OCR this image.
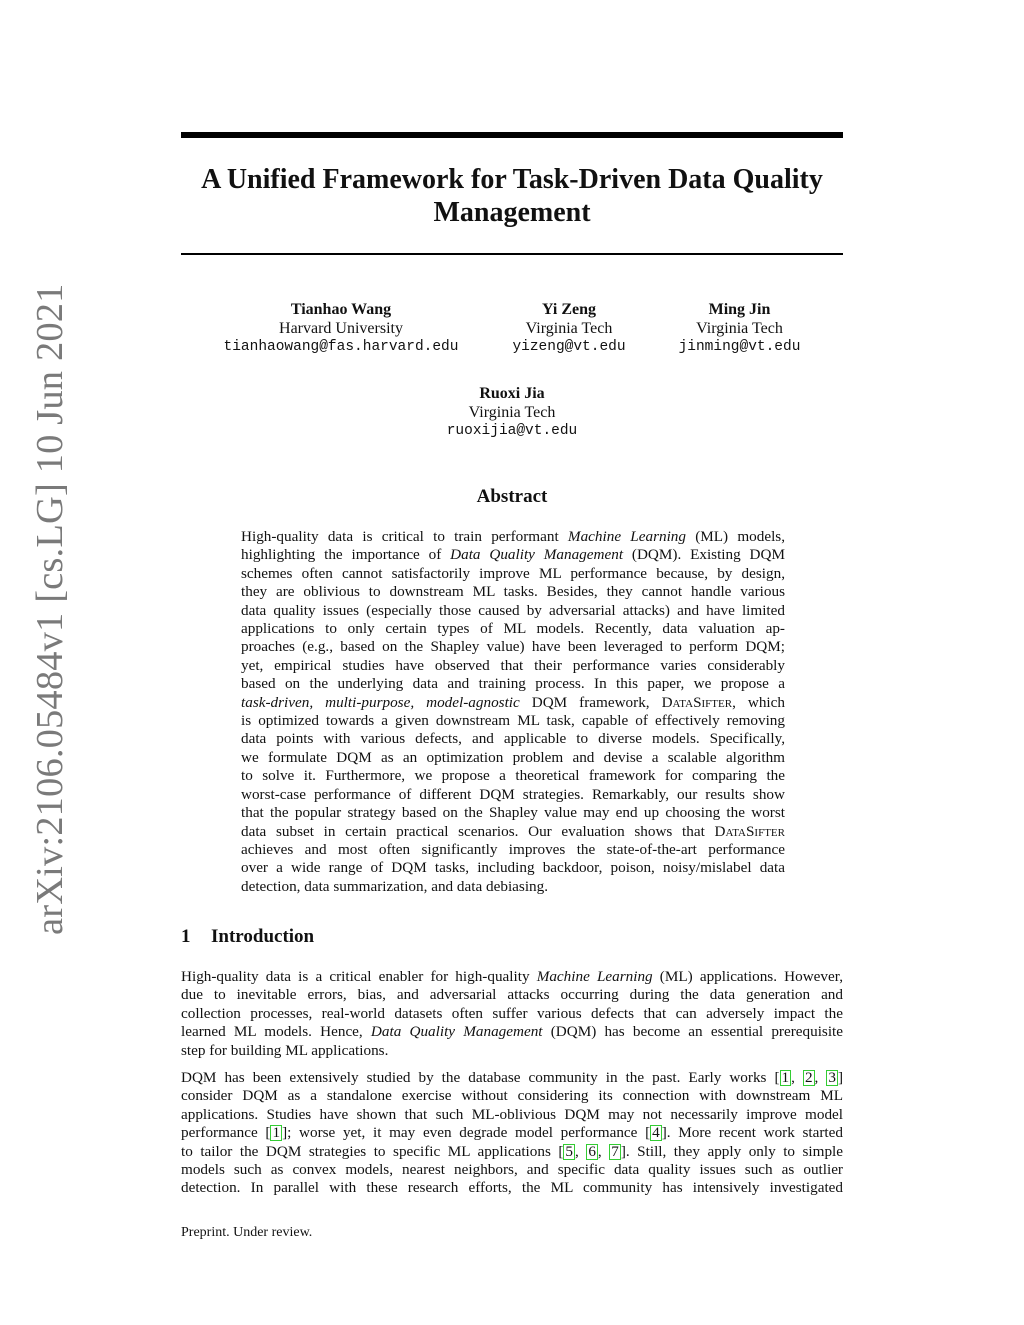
arXiv:2106.05484v1 [cs.LG] 10 Jun 2021
A Unified Framework for Task-Driven Data Quality Management
Tianhao Wang
Harvard University
tianhaowang@fas.harvard.edu
Yi Zeng
Virginia Tech
yizeng@vt.edu
Ming Jin
Virginia Tech
jinming@vt.edu
Ruoxi Jia
Virginia Tech
ruoxijia@vt.edu
Abstract
High-quality data is critical to train performant Machine Learning (ML) models,
highlighting the importance of Data Quality Management (DQM). Existing DQM
schemes often cannot satisfactorily improve ML performance because, by design,
they are oblivious to downstream ML tasks. Besides, they cannot handle various
data quality issues (especially those caused by adversarial attacks) and have limited
applications to only certain types of ML models. Recently, data valuation ap-
proaches (e.g., based on the Shapley value) have been leveraged to perform DQM;
yet, empirical studies have observed that their performance varies considerably
based on the underlying data and training process. In this paper, we propose a
task-driven, multi-purpose, model-agnostic DQM framework, DataSifter, which
is optimized towards a given downstream ML task, capable of effectively removing
data points with various defects, and applicable to diverse models. Specifically,
we formulate DQM as an optimization problem and devise a scalable algorithm
to solve it. Furthermore, we propose a theoretical framework for comparing the
worst-case performance of different DQM strategies. Remarkably, our results show
that the popular strategy based on the Shapley value may end up choosing the worst
data subset in certain practical scenarios. Our evaluation shows that DataSifter
achieves and most often significantly improves the state-of-the-art performance
over a wide range of DQM tasks, including backdoor, poison, noisy/mislabel data
detection, data summarization, and data debiasing.
1 Introduction
High-quality data is a critical enabler for high-quality Machine Learning (ML) applications. However,
due to inevitable errors, bias, and adversarial attacks occurring during the data generation and
collection processes, real-world datasets often suffer various defects that can adversely impact the
learned ML models. Hence, Data Quality Management (DQM) has become an essential prerequisite
step for building ML applications.
DQM has been extensively studied by the database community in the past. Early works [ 1 , 2 , 3 ]
consider DQM as a standalone exercise without considering its connection with downstream ML
applications. Studies have shown that such ML-oblivious DQM may not necessarily improve model
performance [ 1 ]; worse yet, it may even degrade model performance [ 4 ]. More recent work started
to tailor the DQM strategies to specific ML applications [ 5 , 6 , 7 ]. Still, they apply only to simple
models such as convex models, nearest neighbors, and specific data quality issues such as outlier
detection. In parallel with these research efforts, the ML community has intensively investigated
Preprint. Under review.
